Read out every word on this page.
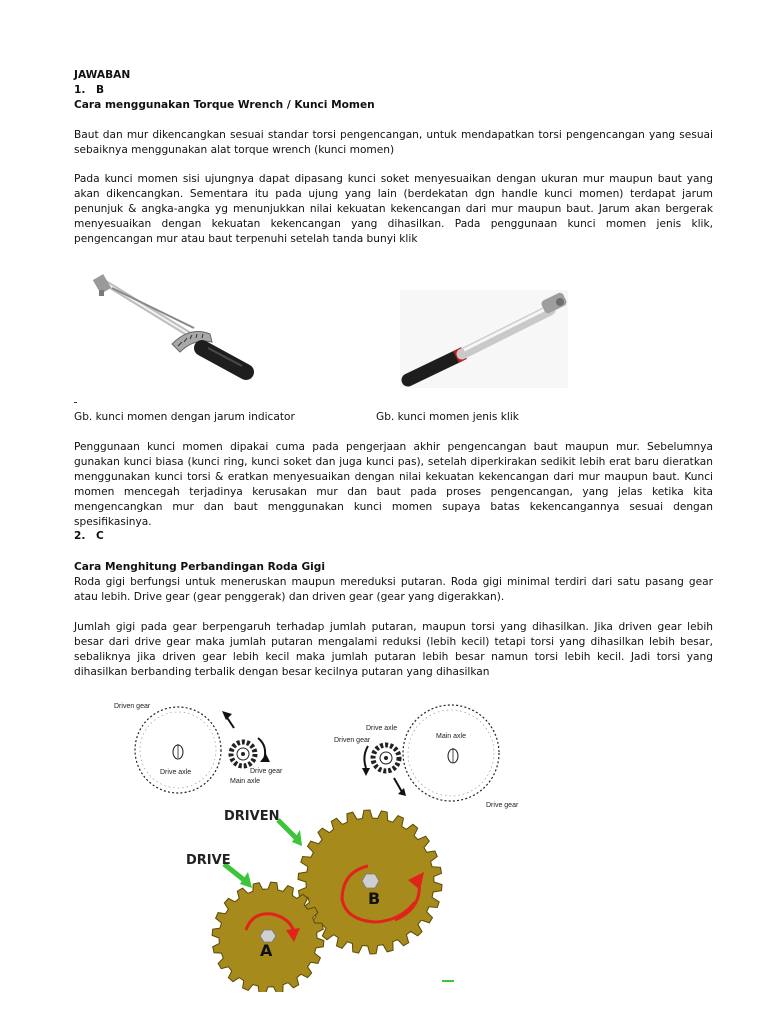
JAWABAN

1. B

Cara menggunakan Torque Wrench / Kunci Momen

Baut dan mur dikencangkan sesuai standar torsi pengencangan, untuk mendapatkan torsi pengencangan yang sesuai sebaiknya menggunakan alat torque wrench (kunci momen)

Pada kunci momen sisi ujungnya dapat dipasang kunci soket menyesuaikan dengan ukuran mur maupun baut yang akan dikencangkan. Sementara itu pada ujung yang lain (berdekatan dgn handle kunci momen) terdapat jarum penunjuk & angka-angka yg menunjukkan nilai kekuatan kekencangan dari mur maupun baut. Jarum akan bergerak menyesuaikan dengan kekuatan kekencangan yang dihasilkan. Pada penggunaan kunci momen jenis klik, pengencangan mur atau baut terpenuhi setelah tanda bunyi klik

Gb. kunci momen dengan jarum indicator	Gb. kunci momen jenis klik

Penggunaan kunci momen dipakai cuma pada pengerjaan akhir pengencangan baut maupun mur. Sebelumnya gunakan kunci biasa (kunci ring, kunci soket dan juga kunci pas), setelah diperkirakan sedikit lebih erat baru dieratkan menggunakan kunci torsi & eratkan menyesuaikan dengan nilai kekuatan kekencangan dari mur maupun baut. Kunci momen mencegah terjadinya kerusakan mur dan baut pada proses pengencangan, yang jelas ketika kita mengencangkan mur dan baut menggunakan kunci momen supaya batas kekencangannya sesuai dengan spesifikasinya.

2. C

Cara Menghitung Perbandingan Roda Gigi

Roda gigi berfungsi untuk meneruskan maupun mereduksi putaran. Roda gigi minimal terdiri dari satu pasang gear atau lebih. Drive gear (gear penggerak) dan driven gear (gear yang digerakkan).

Jumlah gigi pada gear berpengaruh terhadap jumlah putaran, maupun torsi yang dihasilkan. Jika driven gear lebih besar dari drive gear maka jumlah putaran mengalami reduksi (lebih kecil) tetapi torsi yang dihasilkan lebih besar, sebaliknya jika driven gear lebih kecil maka jumlah putaran lebih besar namun torsi lebih kecil. Jadi torsi yang dihasilkan berbanding terbalik dengan besar kecilnya putaran yang dihasilkan

Driven gear
Drive axle	Drive gear
Main axle
Drive axle
Driven gear
Main axle
Drive gear
DRIVEN
DRIVE
B
A
